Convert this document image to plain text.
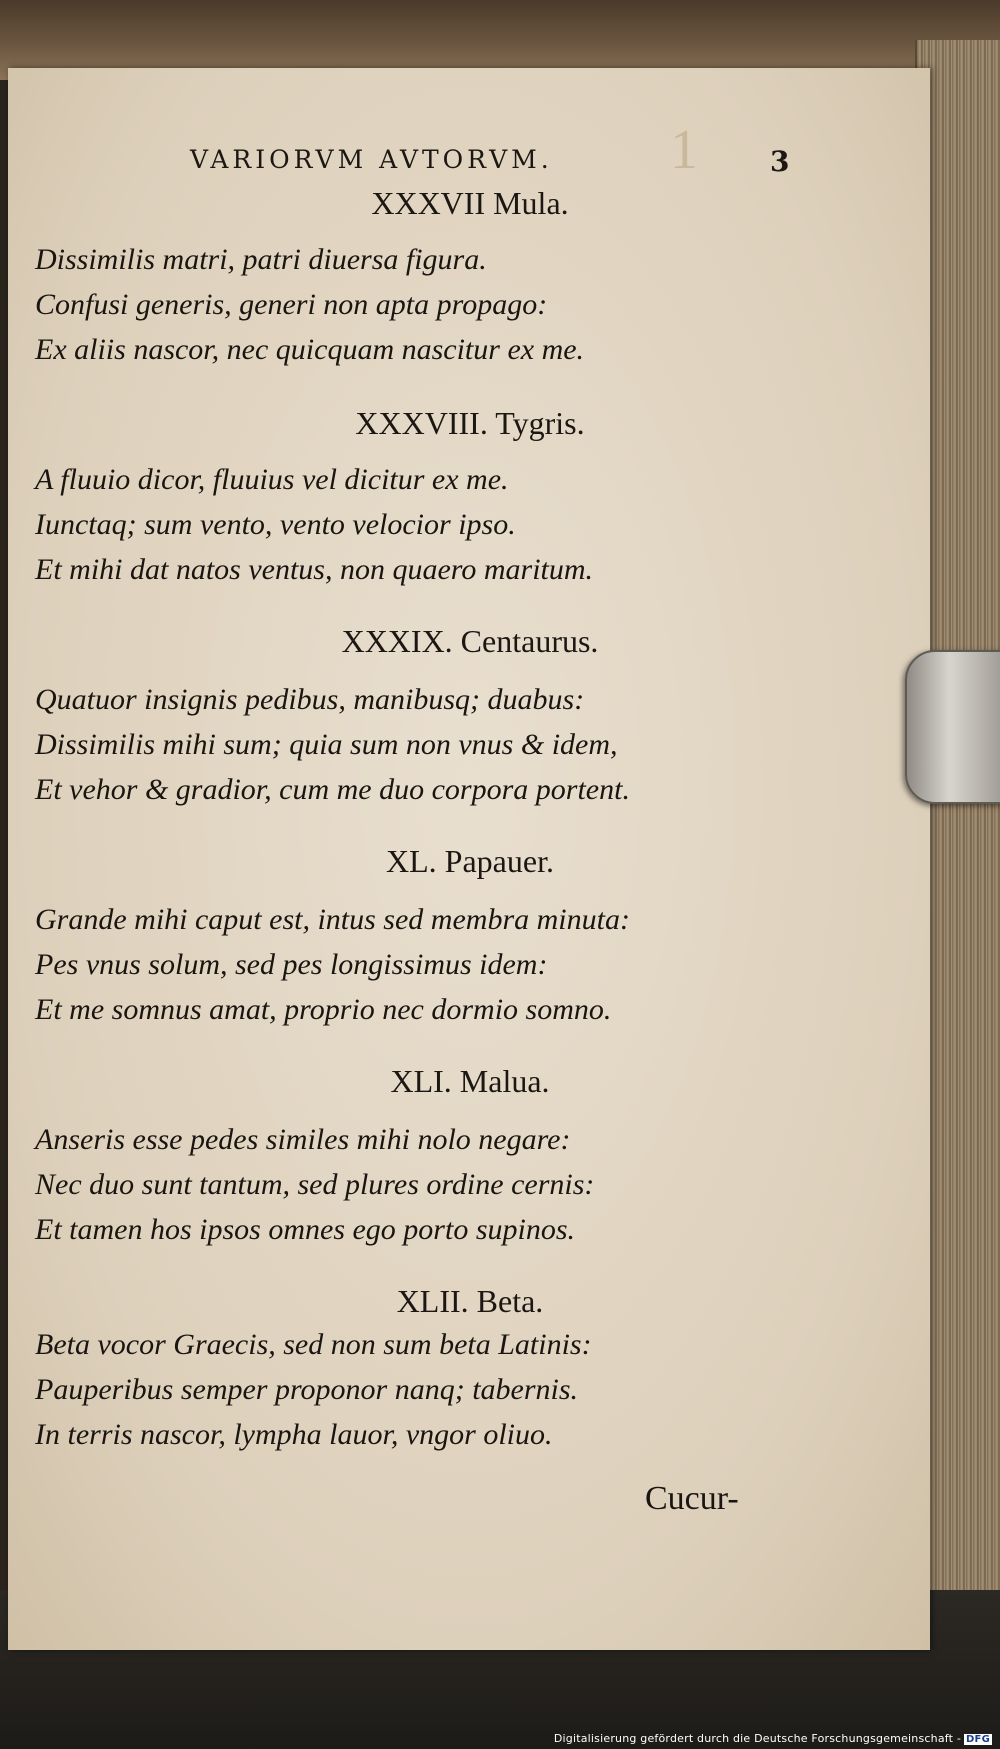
VARIORVM AVTORVM.	1	3
XXXVII Mula.
Dissimilis matri, patri diuersa figura.
Confusi generis, generi non apta propago:
Ex aliis nascor, nec quicquam nascitur ex me.
XXXVIII. Tygris.
A fluuio dicor, fluuius vel dicitur ex me.
Iunctaq; sum vento, vento velocior ipso.
Et mihi dat natos ventus, non quaero maritum.
XXXIX. Centaurus.
Quatuor insignis pedibus, manibusq; duabus:
Dissimilis mihi sum; quia sum non vnus & idem,
Et vehor & gradior, cum me duo corpora portent.
XL. Papauer.
Grande mihi caput est, intus sed membra minuta:
Pes vnus solum, sed pes longissimus idem:
Et me somnus amat, proprio nec dormio somno.
XLI. Malua.
Anseris esse pedes similes mihi nolo negare:
Nec duo sunt tantum, sed plures ordine cernis:
Et tamen hos ipsos omnes ego porto supinos.
XLII. Beta.
Beta vocor Graecis, sed non sum beta Latinis:
Pauperibus semper proponor nanq; tabernis.
In terris nascor, lympha lauor, vngor oliuo.
Cucur-
Digitalisierung gefördert durch die Deutsche Forschungsgemeinschaft - DFG
